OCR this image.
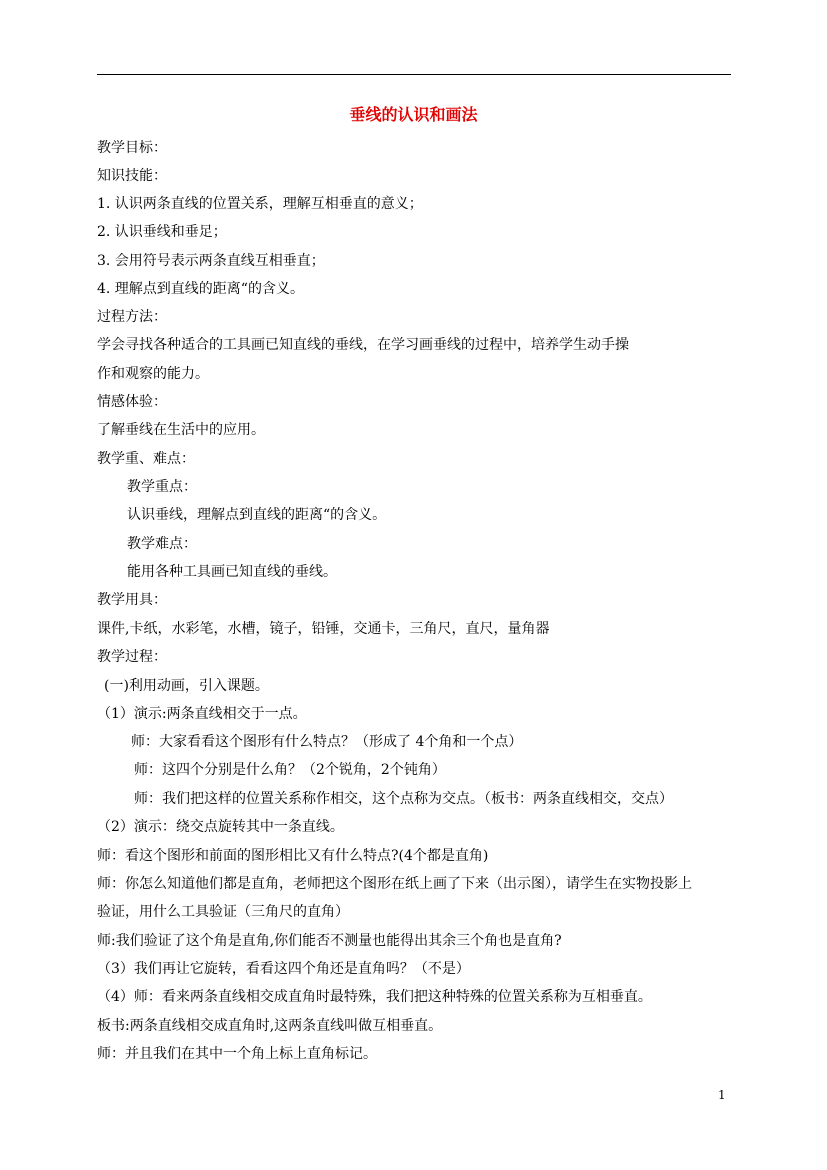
垂线的认识和画法
教学目标：
知识技能：
1. 认识两条直线的位置关系，理解互相垂直的意义；
2. 认识垂线和垂足；
3. 会用符号表示两条直线互相垂直；
4. 理解点到直线的距离“的含义。
过程方法：
学会寻找各种适合的工具画已知直线的垂线，在学习画垂线的过程中，培养学生动手操
作和观察的能力。
情感体验：
了解垂线在生活中的应用。
教学重、难点：
教学重点：
认识垂线，理解点到直线的距离“的含义。
教学难点：
能用各种工具画已知直线的垂线。
教学用具：
课件,卡纸，水彩笔，水槽，镜子，铅锤，交通卡，三角尺，直尺，量角器
教学过程：
(一)利用动画，引入课题。
（1）演示:两条直线相交于一点。
师：大家看看这个图形有什么特点？（形成了 4个角和一个点）
师：这四个分别是什么角？（2个锐角，2个钝角）
师：我们把这样的位置关系称作相交，这个点称为交点。（板书：两条直线相交，交点）
（2）演示：绕交点旋转其中一条直线。
师：看这个图形和前面的图形相比又有什么特点?(4个都是直角)
师：你怎么知道他们都是直角，老师把这个图形在纸上画了下来（出示图），请学生在实物投影上
验证，用什么工具验证（三角尺的直角）
师:我们验证了这个角是直角,你们能否不测量也能得出其余三个角也是直角?
（3）我们再让它旋转，看看这四个角还是直角吗？（不是）
（4）师：看来两条直线相交成直角时最特殊，我们把这种特殊的位置关系称为互相垂直。
板书:两条直线相交成直角时,这两条直线叫做互相垂直。
师：并且我们在其中一个角上标上直角标记。
1
